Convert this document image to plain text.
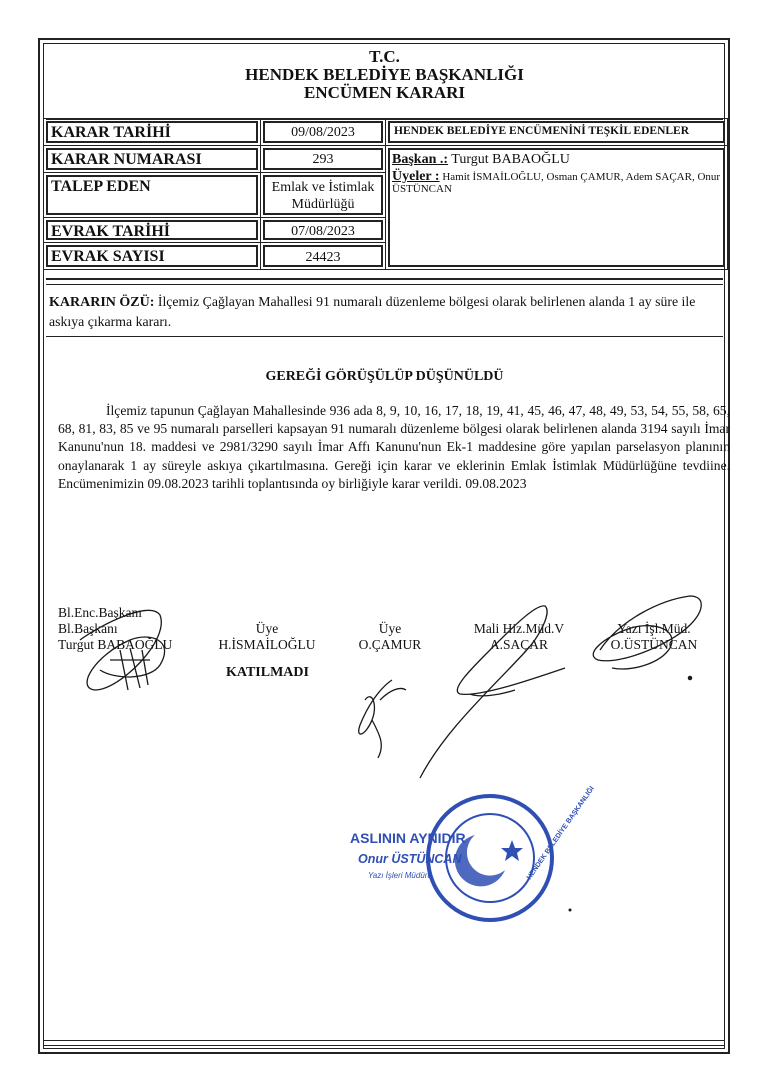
T.C.
HENDEK BELEDİYE BAŞKANLIĞI
ENCÜMEN KARARI
KARAR TARİHİ
KARAR NUMARASI
TALEP EDEN
EVRAK TARİHİ
EVRAK SAYISI
09/08/2023
293
Emlak ve İstimlak Müdürlüğü
07/08/2023
24423
HENDEK BELEDİYE ENCÜMENİNİ TEŞKİL EDENLER
Başkan .: Turgut BABAOĞLU
Üyeler : Hamit İSMAİLOĞLU, Osman ÇAMUR, Adem SAÇAR, Onur ÜSTÜNCAN
KARARIN ÖZÜ: İlçemiz Çağlayan Mahallesi 91 numaralı düzenleme bölgesi olarak belirlenen alanda 1 ay süre ile askıya çıkarma kararı.
GEREĞİ GÖRÜŞÜLÜP DÜŞÜNÜLDÜ
İlçemiz tapunun Çağlayan Mahallesinde 936 ada 8, 9, 10, 16, 17, 18, 19, 41, 45, 46, 47, 48, 49, 53, 54, 55, 58, 65, 68, 81, 83, 85 ve 95 numaralı parselleri kapsayan 91 numaralı düzenleme bölgesi olarak belirlenen alanda 3194 sayılı İmar Kanunu'nun 18. maddesi ve 2981/3290 sayılı İmar Affı Kanunu'nun Ek-1 maddesine göre yapılan parselasyon planının onaylanarak 1 ay süreyle askıya çıkartılmasına. Gereği için karar ve eklerinin Emlak İstimlak Müdürlüğüne tevdiine. Encümenimizin 09.08.2023 tarihli toplantısında oy birliğiyle karar verildi. 09.08.2023
Bl.Enc.Başkanı
Bl.Başkanı
Turgut BABAOĞLU
Üye
H.İSMAİLOĞLU
KATILMADI
Üye
O.ÇAMUR
Mali Hiz.Müd.V
A.SAÇAR
Yazı İşl.Müd.
O.ÜSTÜNCAN
ASLININ AYNIDIR
Onur ÜSTÜNCAN
Yazı İşleri Müdürü	HENDEK BELEDİYE BAŞKANLIĞI
